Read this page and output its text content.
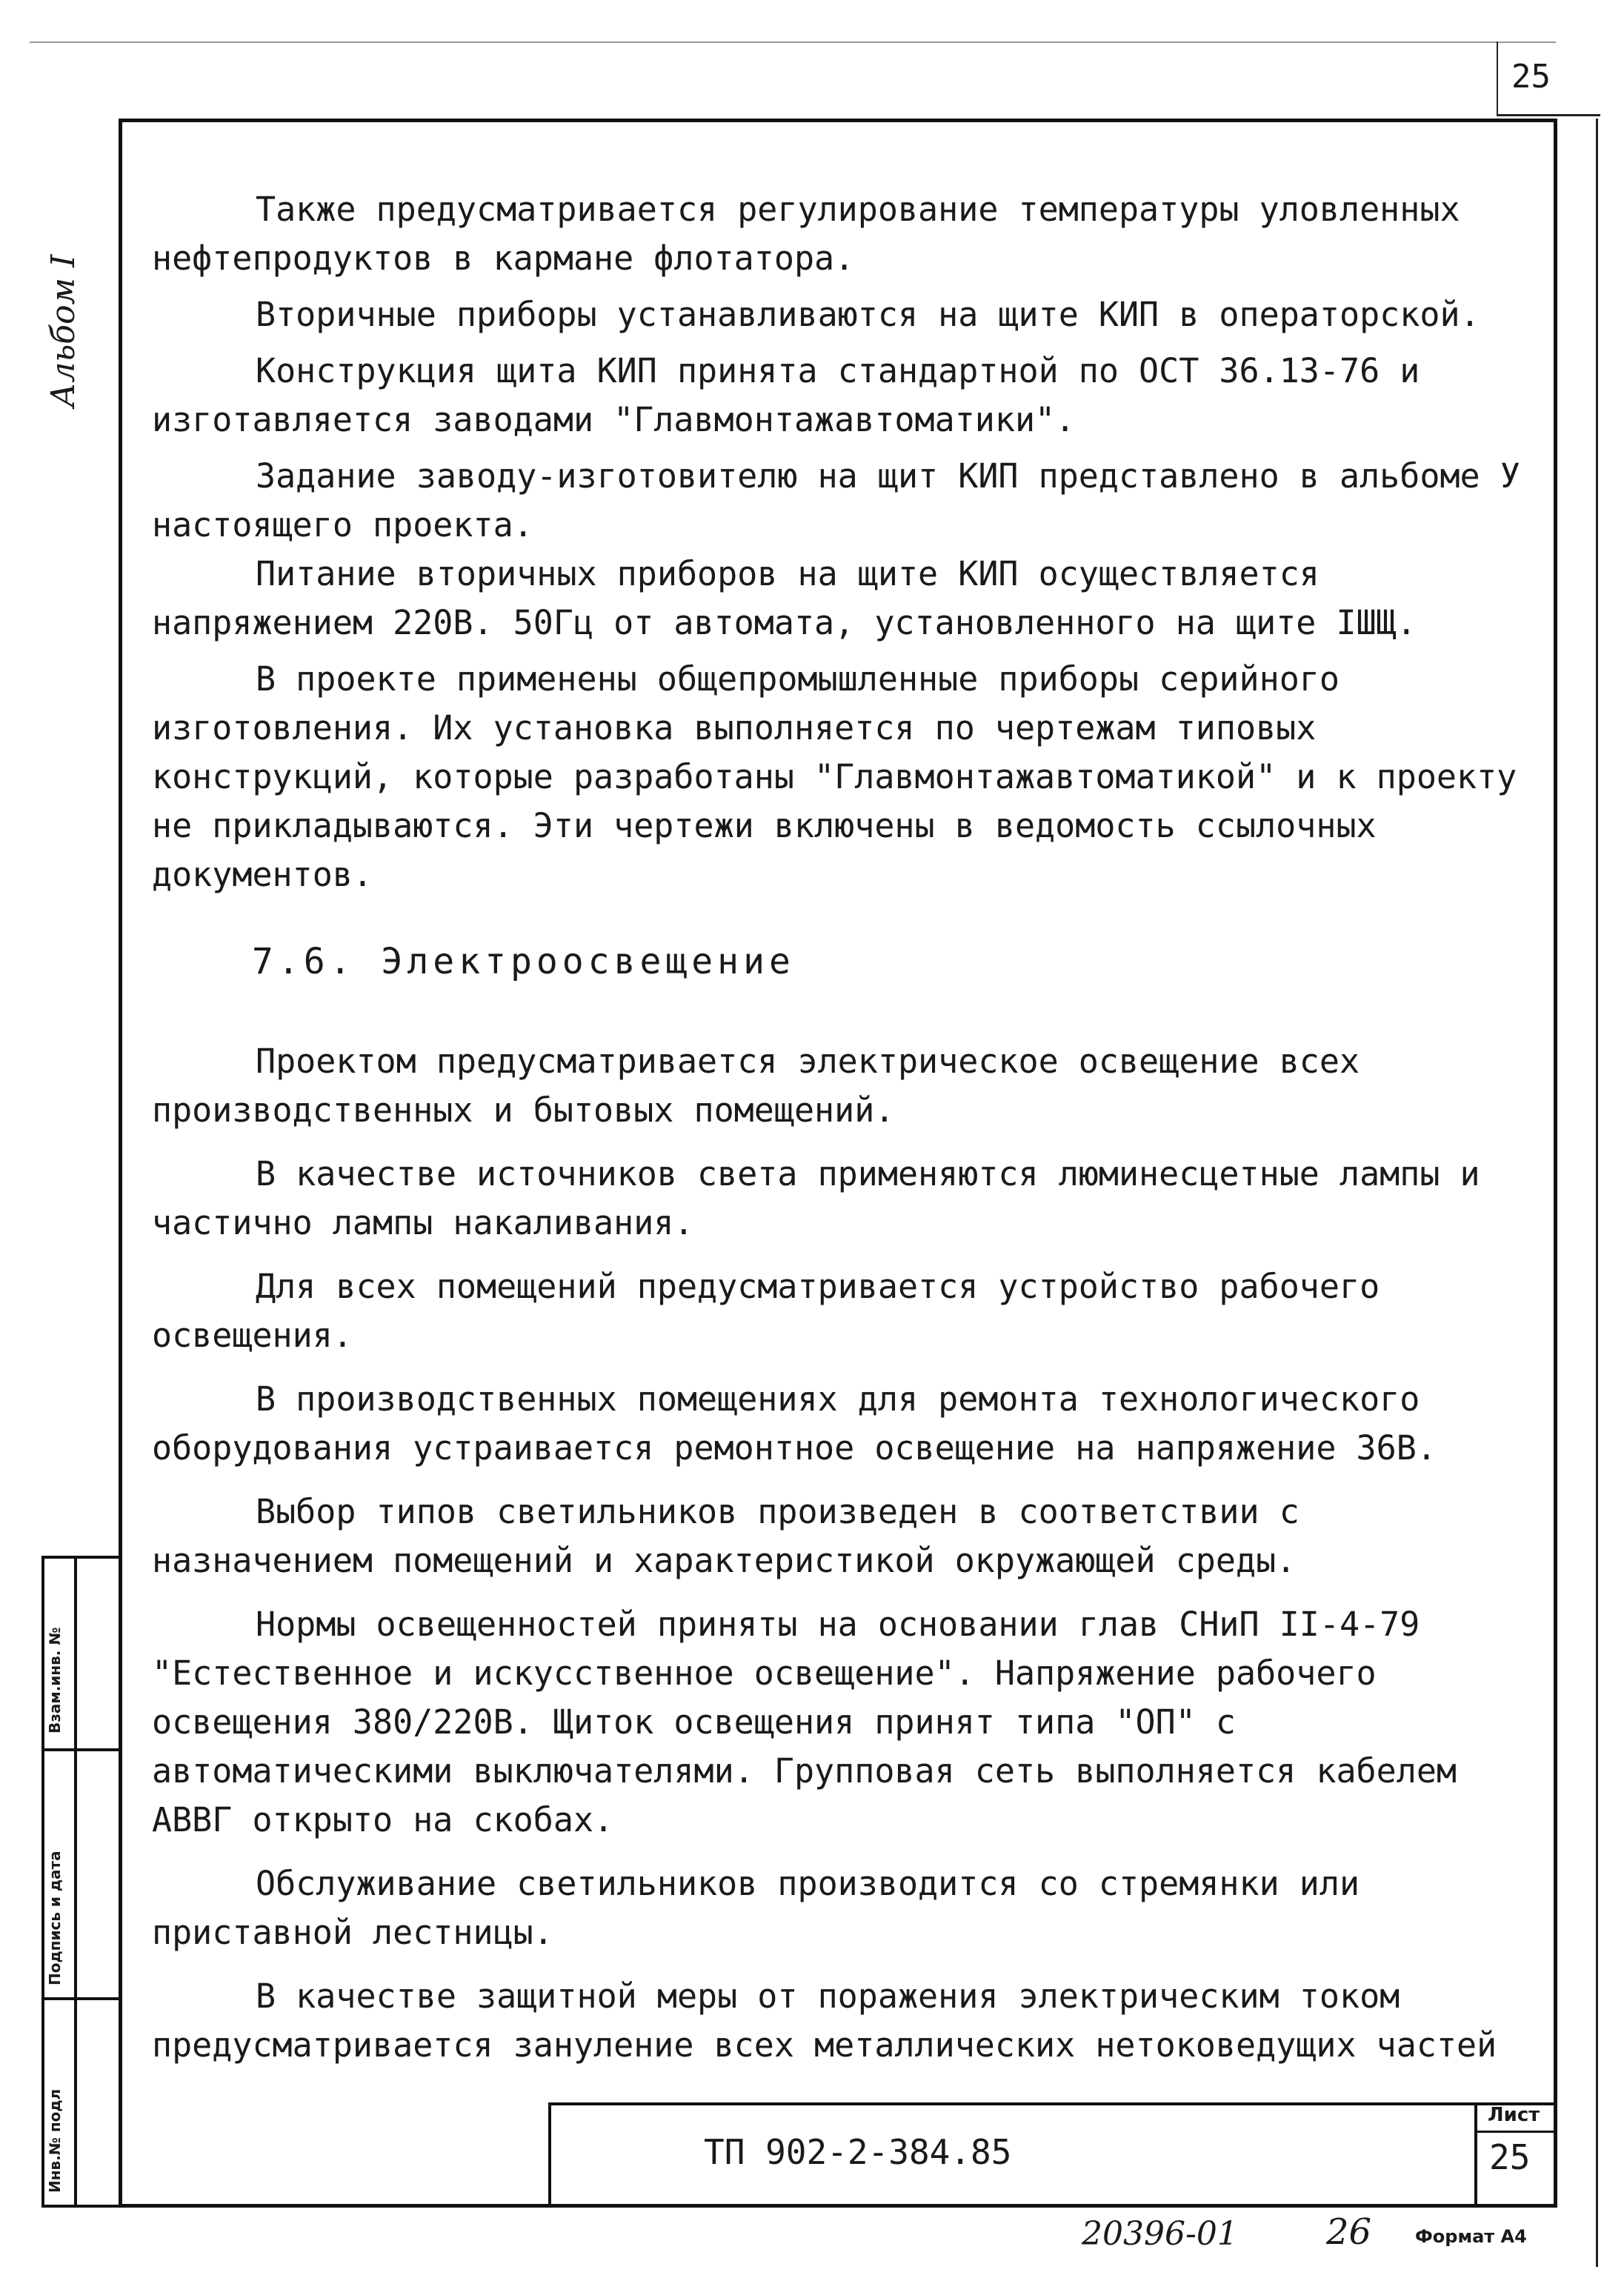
25
Альбом I

Также предусматривается регулирование температуры уловленных нефтепродуктов в кармане флотатора.

Вторичные приборы устанавливаются на щите КИП в операторской.

Конструкция щита КИП принята стандартной по ОСТ 36.13-76 и изготавляется заводами "Главмонтажавтоматики".

Задание заводу-изготовителю на щит КИП представлено в альбоме У настоящего проекта.

Питание вторичных приборов на щите КИП осуществляется напряжением 220В. 50Гц от автомата, установленного на щите ІШЩ.

В проекте применены общепромышленные приборы серийного изготовления. Их установка выполняется по чертежам типовых конструкций, которые разработаны "Главмонтажавтоматикой" и к проекту не прикладываются. Эти чертежи включены в ведомость ссылочных документов.

7.6. Электроосвещение

Проектом предусматривается электрическое освещение всех производственных и бытовых помещений.

В качестве источников света применяются люминесцетные лампы и частично лампы накаливания.

Для всех помещений предусматривается устройство рабочего освещения.

В производственных помещениях для ремонта технологического оборудования устраивается ремонтное освещение на напряжение 36В.

Выбор типов светильников произведен в соответствии с назначением помещений и характеристикой окружающей среды.

Нормы освещенностей приняты на основании глав СНиП II-4-79 "Естественное и искусственное освещение". Напряжение рабочего освещения 380/220В. Щиток освещения принят типа "ОП" с автоматическими выключателями. Групповая сеть выполняется кабелем АВВГ открыто на скобах.

Обслуживание светильников производится со стремянки или приставной лестницы.

В качестве защитной меры от поражения электрическим током предусматривается зануление всех металлических нетоковедущих частей

Взам.инв. №
Подпись и дата
Инв.№ подл	ТП 902-2-384.85
Лист
25
20396-01 26 Формат А4
